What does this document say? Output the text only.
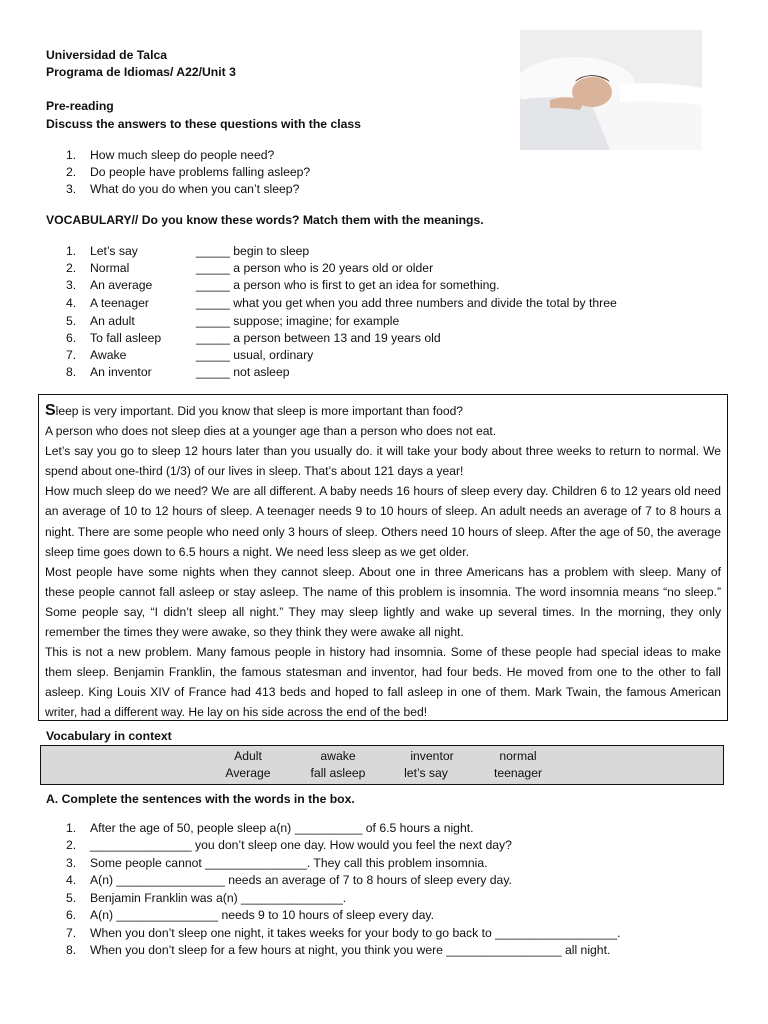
Universidad de Talca
Programa de Idiomas/ A22/Unit 3
Pre-reading
Discuss the answers to these questions with the class
1. How much sleep do people need?
2. Do people have problems falling asleep?
3. What do you do when you can’t sleep?
VOCABULARY// Do you know these words? Match them with the meanings.
1. Let’s say	_____ begin to sleep
2. Normal	_____ a person who is 20 years old or older
3. An average	_____ a person who is first to get an idea for something.
4. A teenager	_____ what you get when you add three numbers and divide the total by three
5. An adult	_____ suppose; imagine; for example
6. To fall asleep	_____ a person between 13 and 19 years old
7. Awake	_____ usual, ordinary
8. An inventor	_____ not asleep

Sleep is very important. Did you know that sleep is more important than food?

A person who does not sleep dies at a younger age than a person who does not eat.

Let’s say you go to sleep 12 hours later than you usually do. it will take your body about three weeks to return to normal. We spend about one-third (1/3) of our lives in sleep. That’s about 121 days a year!

How much sleep do we need? We are all different. A baby needs 16 hours of sleep every day. Children 6 to 12 years old need an average of 10 to 12 hours of sleep. A teenager needs 9 to 10 hours of sleep. An adult needs an average of 7 to 8 hours a night. There are some people who need only 3 hours of sleep. Others need 10 hours of sleep. After the age of 50, the average sleep time goes down to 6.5 hours a night. We need less sleep as we get older.

Most people have some nights when they cannot sleep. About one in three Americans has a problem with sleep. Many of these people cannot fall asleep or stay asleep. The name of this problem is insomnia. The word insomnia means “no sleep.” Some people say, “I didn’t sleep all night.” They may sleep lightly and wake up several times. In the morning, they only remember the times they were awake, so they think they were awake all night.

This is not a new problem. Many famous people in history had insomnia. Some of these people had special ideas to make them sleep. Benjamin Franklin, the famous statesman and inventor, had four beds. He moved from one to the other to fall asleep. King Louis XIV of France had 413 beds and hoped to fall asleep in one of them. Mark Twain, the famous American writer, had a different way. He lay on his side across the end of the bed!

Vocabulary in context
Adult	awake	inventor	normal
Average	fall asleep	let’s say	teenager
A. Complete the sentences with the words in the box.
1. After the age of 50, people sleep a(n) __________ of 6.5 hours a night.
2. _______________ you don’t sleep one day. How would you feel the next day?
3. Some people cannot _______________. They call this problem insomnia.
4. A(n) ________________ needs an average of 7 to 8 hours of sleep every day.
5. Benjamin Franklin was a(n) _______________.
6. A(n) _______________ needs 9 to 10 hours of sleep every day.
7. When you don’t sleep one night, it takes weeks for your body to go back to __________________.
8. When you don’t sleep for a few hours at night, you think you were _________________ all night.
